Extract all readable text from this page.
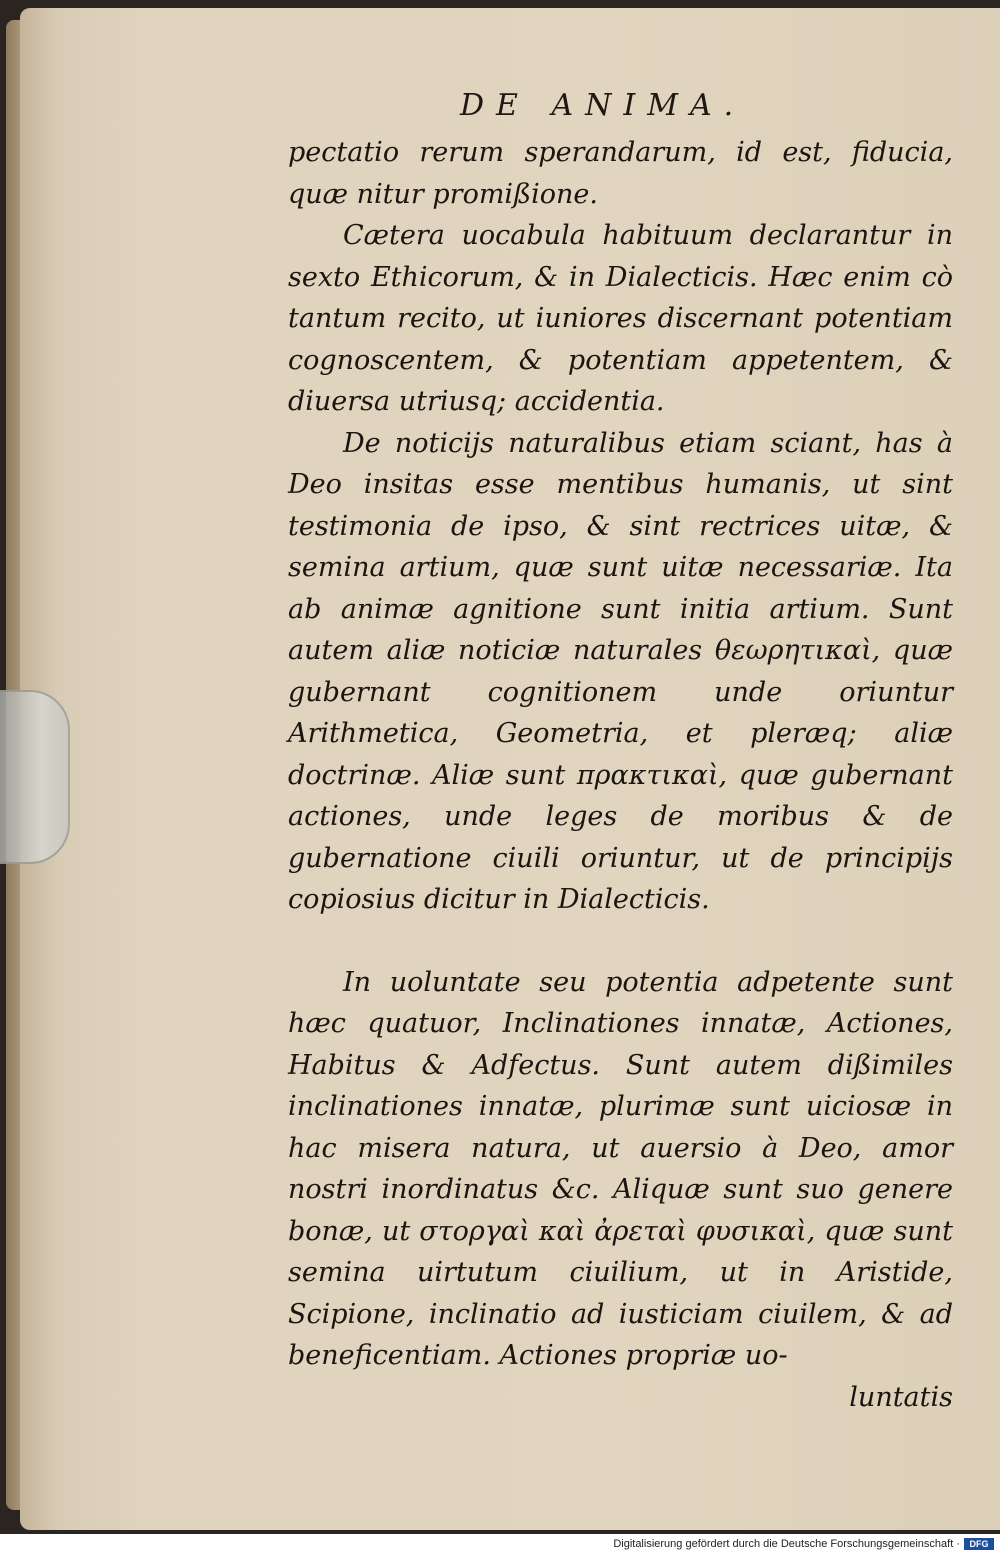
DE ANIMA.

pectatio rerum sperandarum, id est, fiducia, quæ nitur promißione.

Cætera uocabula habituum declarantur in sexto Ethicorum, & in Dialecticis. Hæc enim cò tantum recito, ut iuniores discernant potentiam cognoscentem, & potentiam appetentem, & diuersa utriusq; accidentia.

De noticijs naturalibus etiam sciant, has à Deo insitas esse mentibus humanis, ut sint testimonia de ipso, & sint rectrices uitæ, & semina artium, quæ sunt uitæ necessariæ. Ita ab animæ agnitione sunt initia artium. Sunt autem aliæ noticiæ naturales θεωρητικαὶ, quæ gubernant cognitionem unde oriuntur Arithmetica, Geometria, et pleræq; aliæ doctrinæ. Aliæ sunt πρακτικαὶ, quæ gubernant actiones, unde leges de moribus & de gubernatione ciuili oriuntur, ut de principijs copiosius dicitur in Dialecticis.

In uoluntate seu potentia adpetente sunt hæc quatuor, Inclinationes innatæ, Actiones, Habitus & Adfectus. Sunt autem dißimiles inclinationes innatæ, plurimæ sunt uiciosæ in hac misera natura, ut auersio à Deo, amor nostri inordinatus &c. Aliquæ sunt suo genere bonæ, ut στοργαὶ καὶ ἀρεταὶ φυσικαὶ, quæ sunt semina uirtutum ciuilium, ut in Aristide, Scipione, inclinatio ad iusticiam ciuilem, & ad beneficentiam. Actiones propriæ uo-

luntatis

Digitalisierung gefördert durch die Deutsche Forschungsgemeinschaft ·	DFG
